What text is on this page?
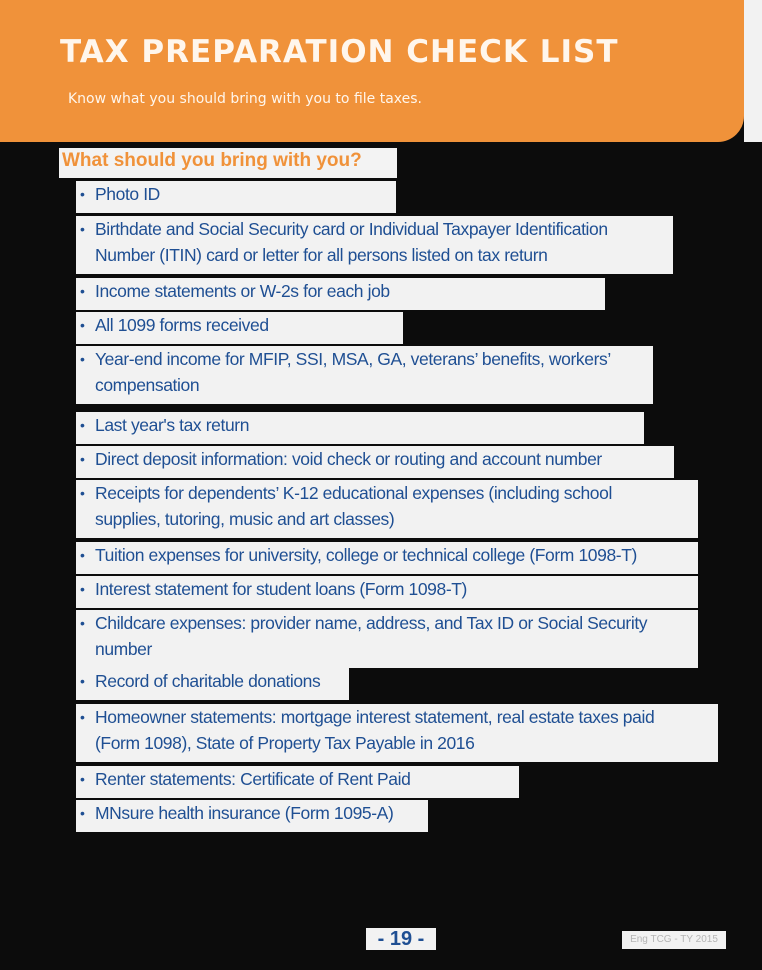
TAX PREPARATION CHECK LIST

Know what you should bring with you to file taxes.

What should you bring with you?
• Photo ID
• Birthdate and Social Security card or Individual Taxpayer Identification
Number (ITIN) card or letter for all persons listed on tax return
• Income statements or W-2s for each job
• All 1099 forms received
• Year-end income for MFIP, SSI, MSA, GA, veterans’ benefits, workers’
compensation
• Last year's tax return
• Direct deposit information: void check or routing and account number
• Receipts for dependents’ K-12 educational expenses (including school
supplies, tutoring, music and art classes)
• Tuition expenses for university, college or technical college (Form 1098-T)
• Interest statement for student loans (Form 1098-T)
• Childcare expenses: provider name, address, and Tax ID or Social Security
number
• Record of charitable donations
• Homeowner statements: mortgage interest statement, real estate taxes paid
(Form 1098), State of Property Tax Payable in 2016
• Renter statements: Certificate of Rent Paid
• MNsure health insurance (Form 1095-A)
- 19 -	Eng TCG - TY 2015
